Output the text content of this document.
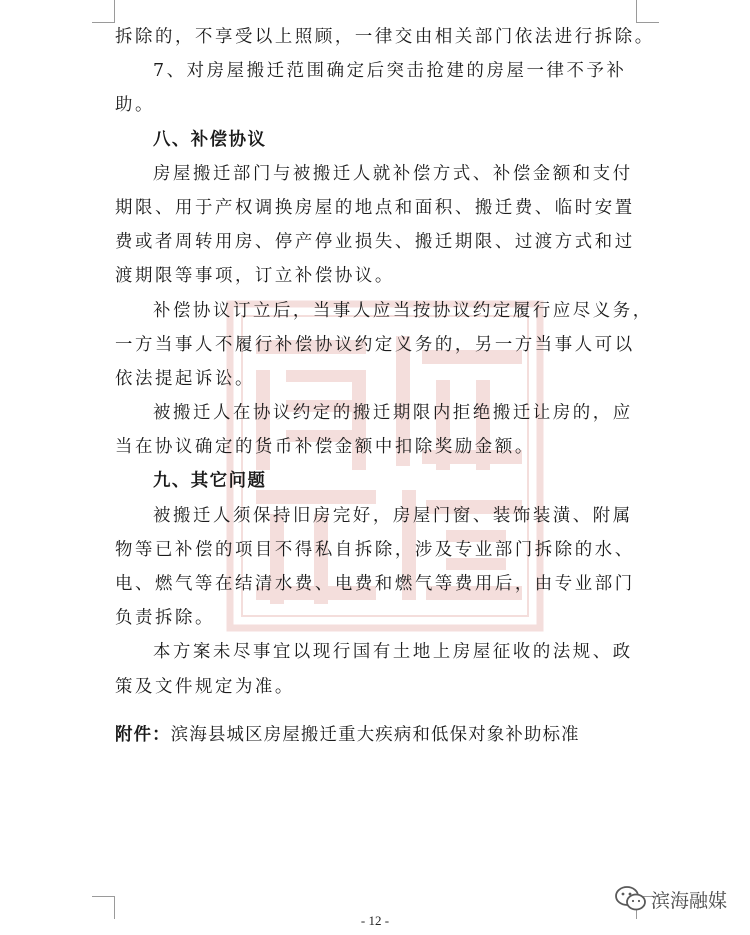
拆除的，不享受以上照顾，一律交由相关部门依法进行拆除。
7、对房屋搬迁范围确定后突击抢建的房屋一律不予补
助。
八、补偿协议
房屋搬迁部门与被搬迁人就补偿方式、补偿金额和支付
期限、用于产权调换房屋的地点和面积、搬迁费、临时安置
费或者周转用房、停产停业损失、搬迁期限、过渡方式和过
渡期限等事项，订立补偿协议。
补偿协议订立后，当事人应当按协议约定履行应尽义务，
一方当事人不履行补偿协议约定义务的，另一方当事人可以
依法提起诉讼。
被搬迁人在协议约定的搬迁期限内拒绝搬迁让房的，应
当在协议确定的货币补偿金额中扣除奖励金额。
九、其它问题
被搬迁人须保持旧房完好，房屋门窗、装饰装潢、附属
物等已补偿的项目不得私自拆除，涉及专业部门拆除的水、
电、燃气等在结清水费、电费和燃气等费用后，由专业部门
负责拆除。
本方案未尽事宜以现行国有土地上房屋征收的法规、政
策及文件规定为准。
附件：滨海县城区房屋搬迁重大疾病和低保对象补助标准
- 12 -
滨海融媒
